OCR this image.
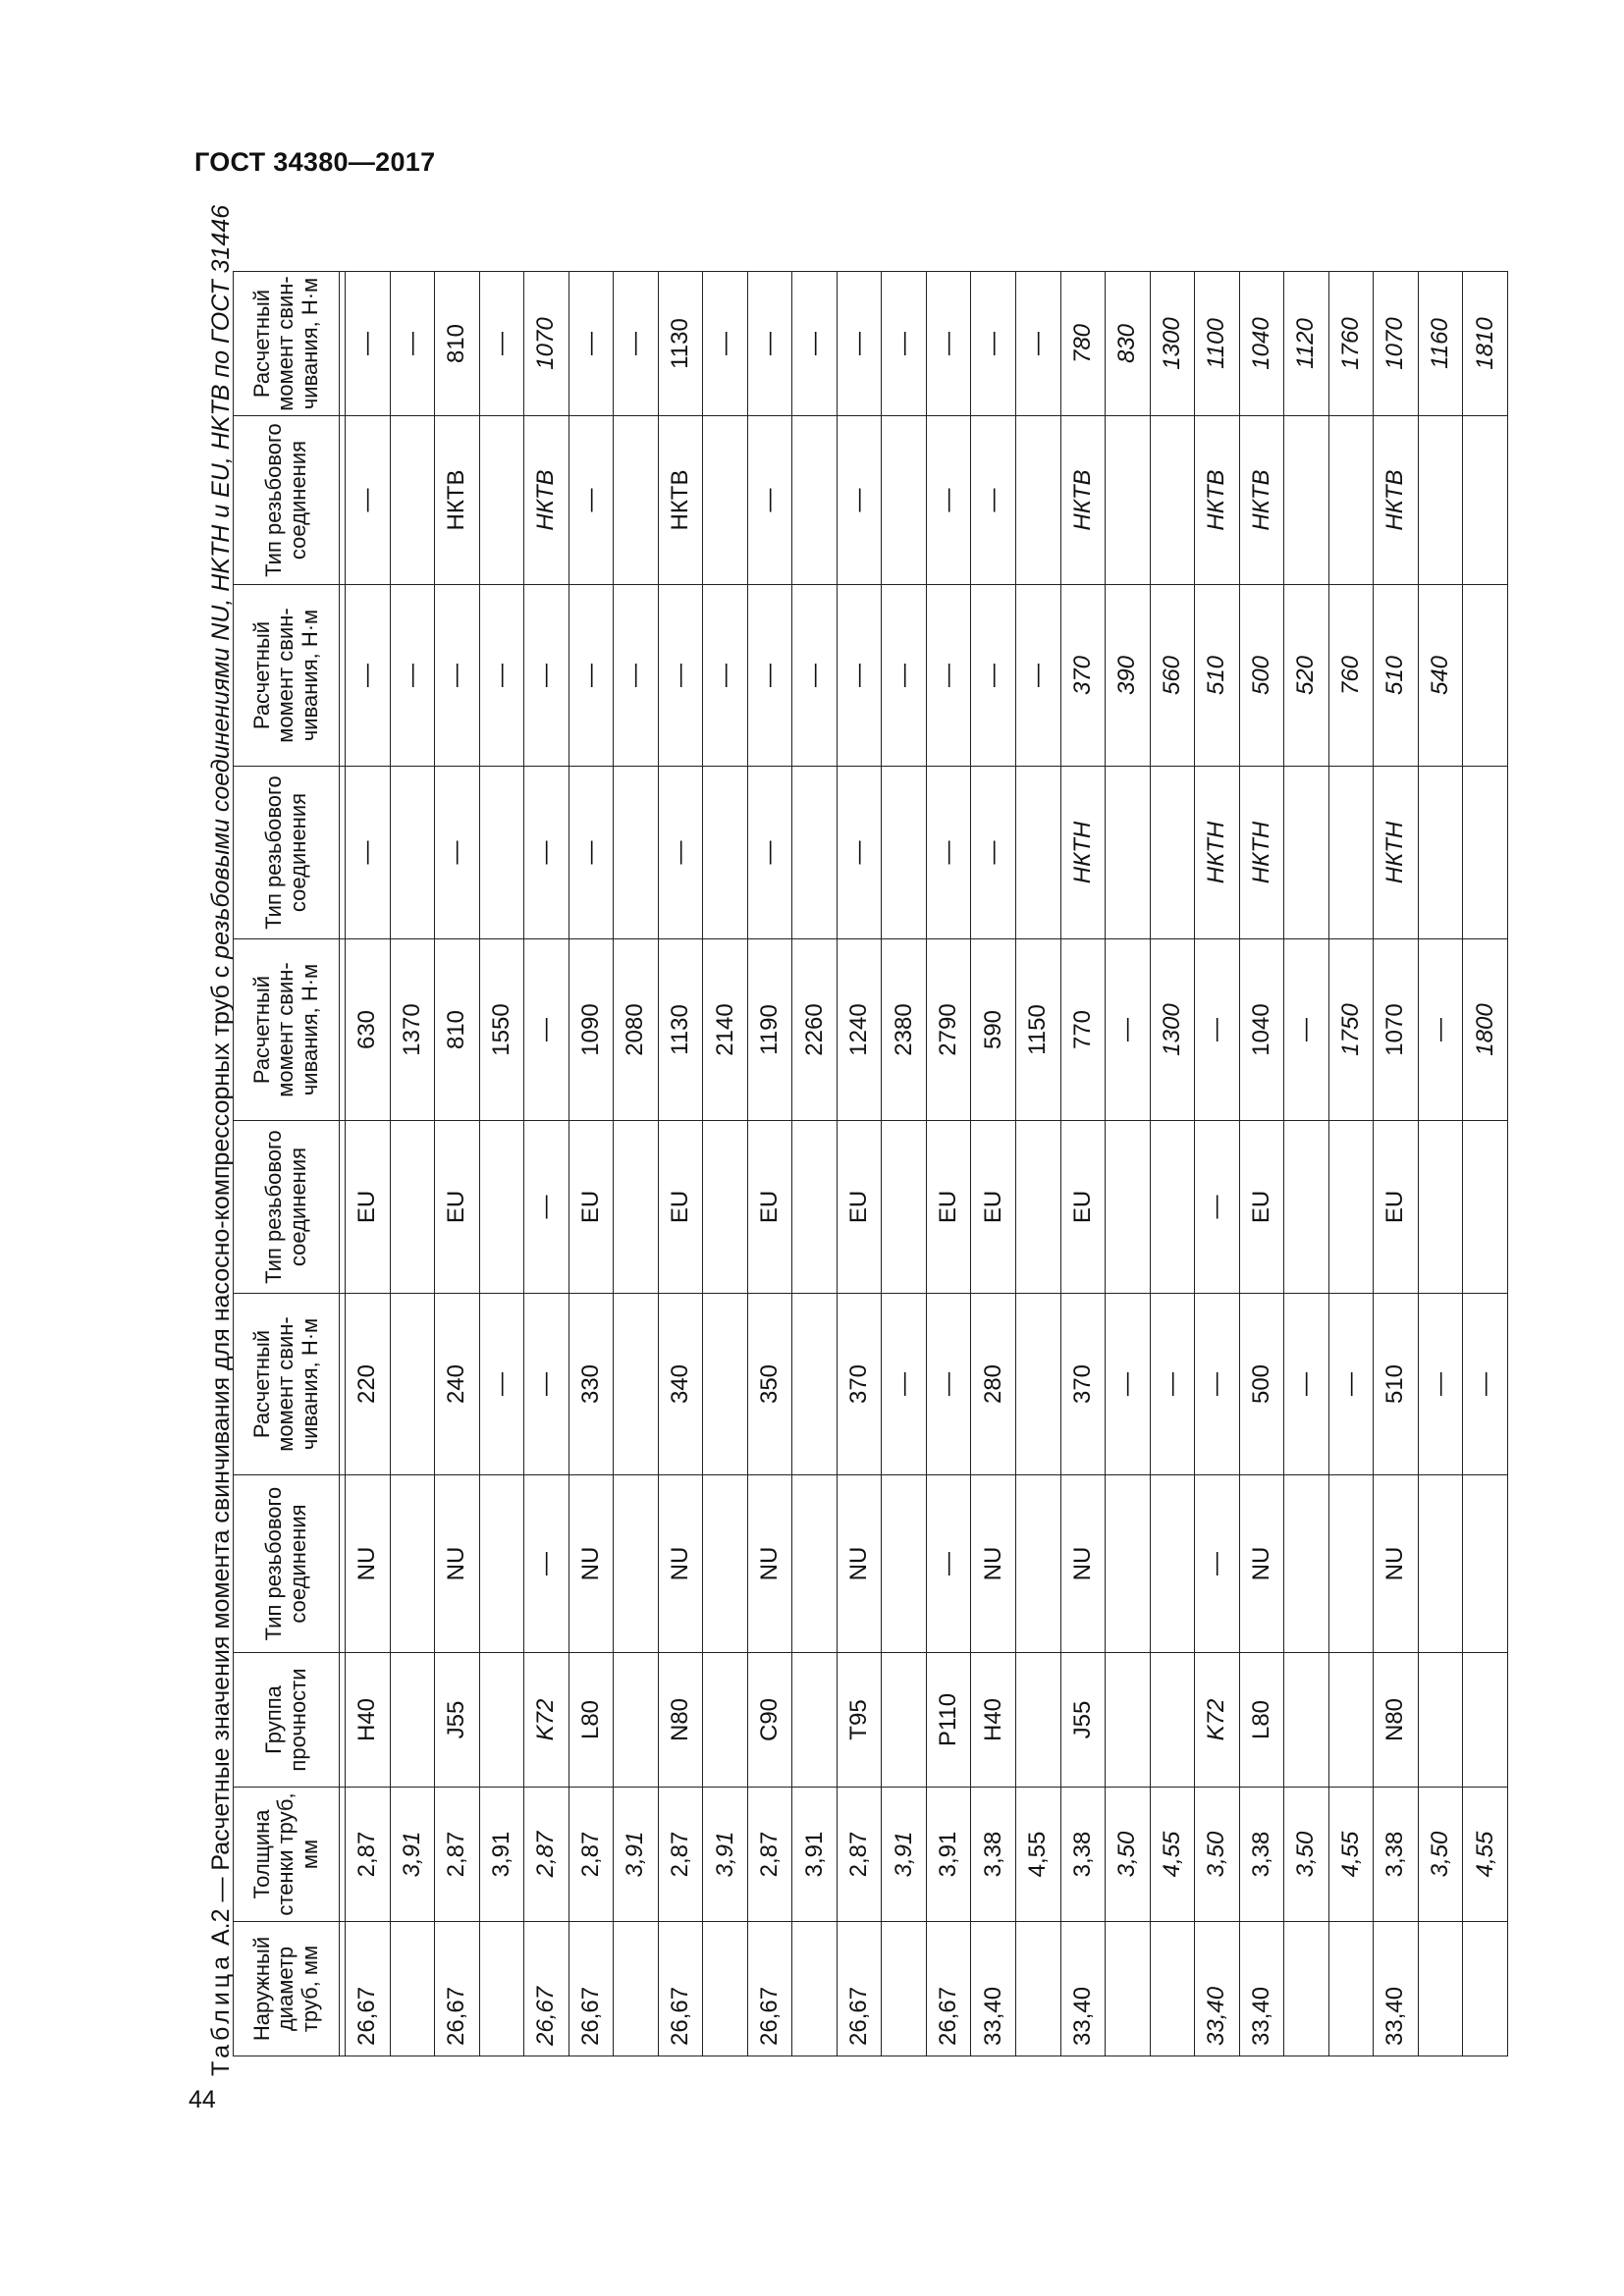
ГОСТ 34380—2017
44
Таблица А.2 — Расчетные значения момента свинчивания для насосно-компрессорных труб с резьбовыми соединениями NU, HKTH и EU, HKTB по ГОСТ 31446
Наружный диаметр труб, мм	Толщина стенки труб, мм	Группа прочности	Тип резьбового соединения	Расчетный момент свин-чивания, Н·м	Тип резьбового соединения	Расчетный момент свин-чивания, Н·м	Тип резьбового соединения	Расчетный момент свин-чивания, Н·м	Тип резьбового соединения	Расчетный момент свин-чивания, Н·м

26,67	2,87	H40	NU	220	EU	630	—	—	—	—
	3,91					1370		—		—
26,67	2,87	J55	NU	240	EU	810	—	—	НКТВ	810
	3,91			—		1550		—		—
26,67	2,87	K72	—	—	—	—	—	—	НКТВ	1070
26,67	2,87	L80	NU	330	EU	1090	—	—	—	—
	3,91					2080		—		—
26,67	2,87	N80	NU	340	EU	1130	—	—	НКТВ	1130
	3,91					2140		—		—
26,67	2,87	C90	NU	350	EU	1190	—	—	—	—
	3,91					2260		—		—
26,67	2,87	T95	NU	370	EU	1240	—	—	—	—
	3,91			—		2380		—		—
26,67	3,91	P110	—	—	EU	2790	—	—	—	—
33,40	3,38	H40	NU	280	EU	590	—	—	—	—
	4,55					1150		—		—
33,40	3,38	J55	NU	370	EU	770	НКТН	370	НКТВ	780
	3,50			—		—		390		830
	4,55			—		1300		560		1300
33,40	3,50	K72	—	—	—	—	НКТН	510	НКТВ	1100
33,40	3,38	L80	NU	500	EU	1040	НКТН	500	НКТВ	1040
	3,50			—		—		520		1120
	4,55			—		1750		760		1760
33,40	3,38	N80	NU	510	EU	1070	НКТН	510	НКТВ	1070
	3,50			—		—		540		1160
	4,55			—		1800				1810
